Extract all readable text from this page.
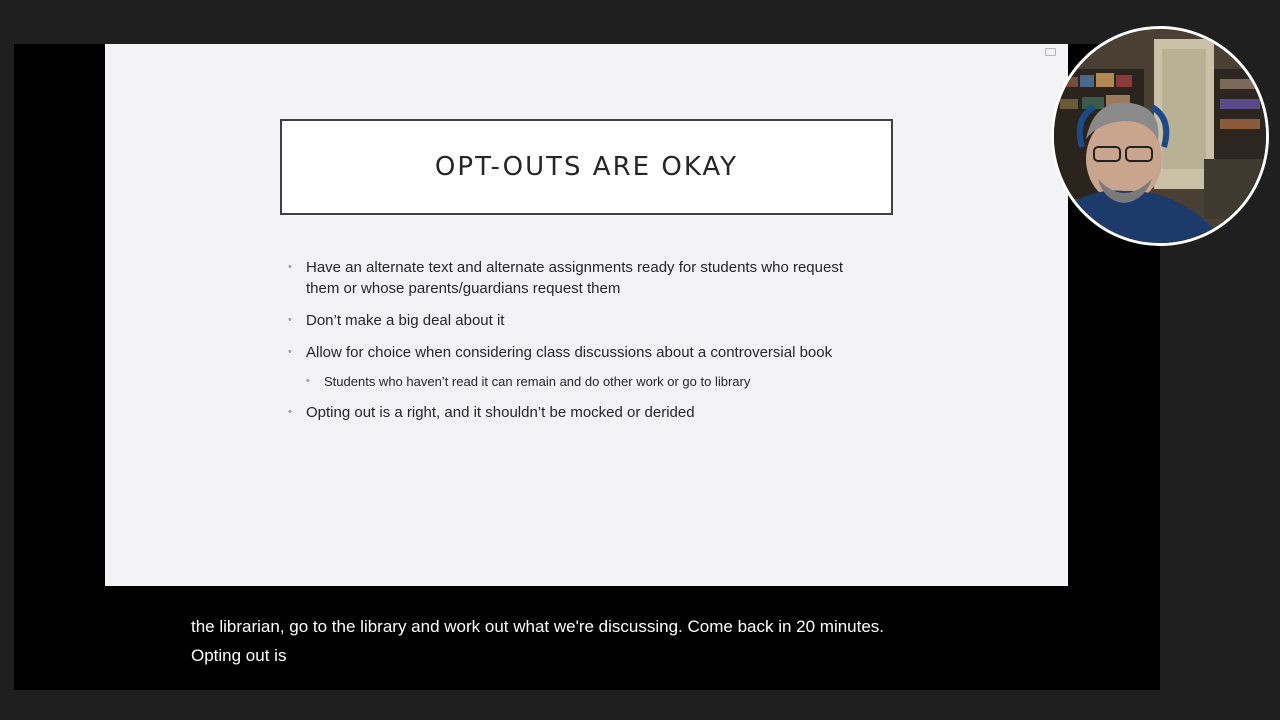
OPT-OUTS ARE OKAY
• Have an alternate text and alternate assignments ready for students who request them or whose parents/guardians request them
• Don’t make a big deal about it
• Allow for choice when considering class discussions about a controversial book
• Students who haven’t read it can remain and do other work or go to library
• Opting out is a right, and it shouldn’t be mocked or derided
the librarian, go to the library and work out what we're discussing. Come back in 20 minutes.
Opting out is
